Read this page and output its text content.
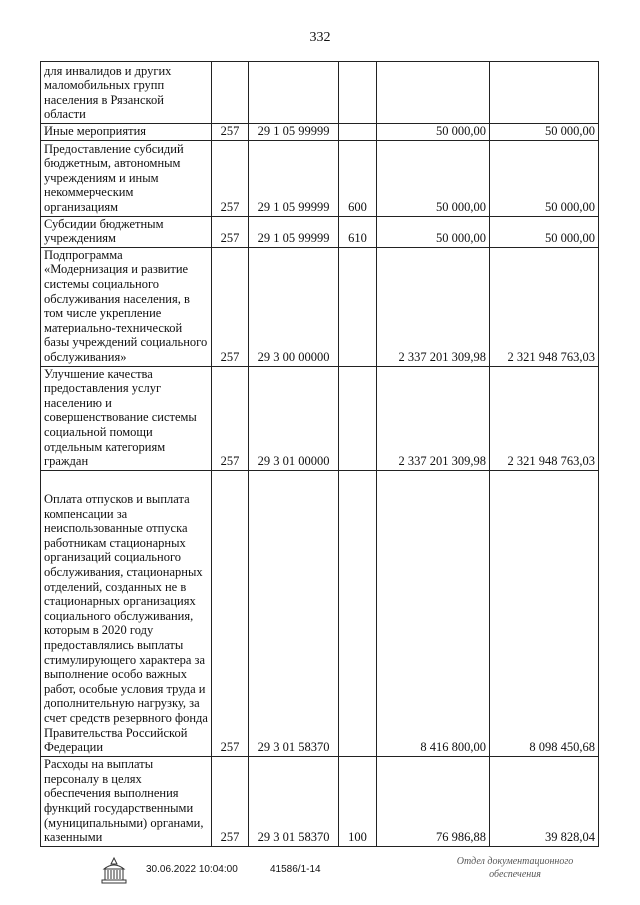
332
для инвалидов и других маломобильных групп населения в Рязанской области					
Иные мероприятия	257	29 1 05 99999		50 000,00	50 000,00
Предоставление субсидий бюджетным, автономным учреждениям и иным некоммерческим организациям	257	29 1 05 99999	600	50 000,00	50 000,00
Субсидии бюджетным учреждениям	257	29 1 05 99999	610	50 000,00	50 000,00
Подпрограмма «Модернизация и развитие системы социального обслуживания населения, в том числе укрепление материально-технической базы учреждений социального обслуживания»	257	29 3 00 00000		2 337 201 309,98	2 321 948 763,03
Улучшение качества предоставления услуг населению и совершенствование системы социальной помощи отдельным категориям граждан	257	29 3 01 00000		2 337 201 309,98	2 321 948 763,03
Оплата отпусков и выплата компенсации за неиспользованные отпуска работникам стационарных организаций социального обслуживания, стационарных отделений, созданных не в стационарных организациях социального обслуживания, которым в 2020 году предоставлялись выплаты стимулирующего характера за выполнение особо важных работ, особые условия труда и дополнительную нагрузку, за счет средств резервного фонда Правительства Российской Федерации	257	29 3 01 58370		8 416 800,00	8 098 450,68
Расходы на выплаты персоналу в целях обеспечения выполнения функций государственными (муниципальными) органами, казенными	257	29 3 01 58370	100	76 986,88	39 828,04
30.06.2022 10:04:00	41586/1-14
Отдел документационного обеспечения
